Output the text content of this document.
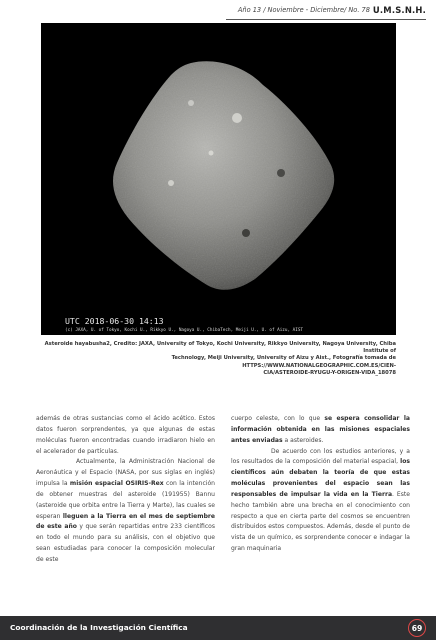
Año 13 / Noviembre - Diciembre/ No. 78 U.M.S.N.H.
UTC 2018-06-30 14:13
(c) JAXA, U. of Tokyo, Kochi U., Rikkyo U., Nagoya U., ChibaTech, Meiji U., U. of Aizu, AIST
Asteroide hayabusha2, Credito: JAXA, University of Tokyo, Kochi University, Rikkyo University, Nagoya University, Chiba Institute of
Technology, Meiji University, University of Aizu y Aist., Fotografía tomada de HTTPS://WWW.NATIONALGEOGRAPHIC.COM.ES/CIEN-
CIA/ASTEROIDE-RYUGU-Y-ORIGEN-VIDA_18078

además de otras sustancias como el ácido acético. Estos datos fueron sorprendentes, ya que algunas de estas moléculas fueron encontradas cuando irradiaron hielo en el acelerador de partículas.

Actualmente, la Administración Nacional de Aeronáutica y el Espacio (NASA, por sus siglas en inglés) impulsa la misión espacial OSIRIS-Rex con la intención de obtener muestras del asteroide (191955) Bannu (asteroide que orbita entre la Tierra y Marte), las cuales se esperan lleguen a la Tierra en el mes de septiembre de este año y que serán repartidas entre 233 científicos en todo el mundo para su análisis, con el objetivo que sean estudiadas para conocer la composición molecular de este

cuerpo celeste, con lo que se espera consolidar la información obtenida en las misiones espaciales antes enviadas a asteroides.

De acuerdo con los estudios anteriores, y a los resultados de la composición del material espacial, los científicos aún debaten la teoría de que estas moléculas provenientes del espacio sean las responsables de impulsar la vida en la Tierra. Este hecho también abre una brecha en el conocimiento con respecto a que en cierta parte del cosmos se encuentren distribuidos estos compuestos. Además, desde el punto de vista de un químico, es sorprendente conocer e indagar la gran maquinaria

Coordinación de la Investigación Científica	69
